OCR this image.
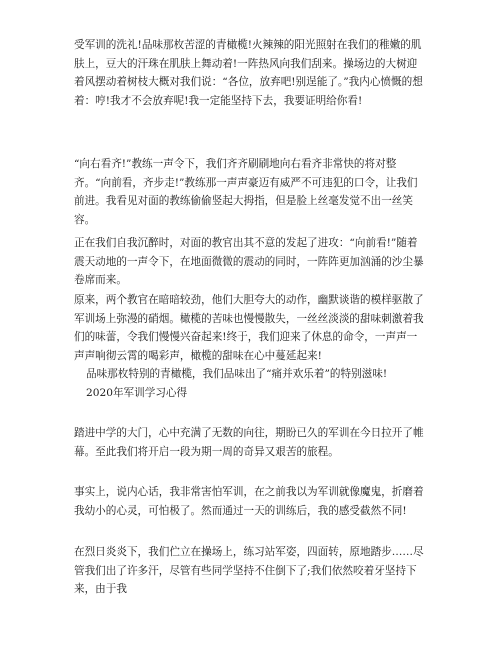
受军训的洗礼!品味那枚苦涩的青橄榄!火辣辣的阳光照射在我们的稚嫩的肌肤上，豆大的汗珠在肌肤上舞动着!一阵热风向我们刮来。操场边的大树迎着风摆动着树枝大概对我们说：“各位，放弃吧!别逞能了。”我内心愤慨的想着：哼!我才不会放弃呢!我一定能坚持下去，我要证明给你看!

“向右看齐!”教练一声令下，我们齐齐刷刷地向右看齐非常快的将对整齐。“向前看，齐步走!”教练那一声声豪迈有威严不可违犯的口令，让我们前进。我看见对面的教练偷偷竖起大拇指，但是脸上丝毫发觉不出一丝笑容。

正在我们自我沉醉时，对面的教官出其不意的发起了进攻：“向前看!”随着震天动地的一声令下，在地面微微的震动的同时，一阵阵更加汹涌的沙尘暴卷席而来。

原来，两个教官在暗暗较劲，他们大胆夸大的动作，幽默谈谐的模样驱散了军训场上弥漫的硝烟。橄榄的苦味也慢慢散失，一丝丝淡淡的甜味刺激着我们的味蕾，令我们慢慢兴奋起来!终于，我们迎来了休息的命令，一声声一声声响彻云霄的喝彩声，橄榄的甜味在心中蔓延起来!

品味那枚特别的青橄榄，我们品味出了“痛并欢乐着”的特别滋味!

2020年军训学习心得

踏进中学的大门，心中充满了无数的向往，期盼已久的军训在今日拉开了帷幕。至此我们将开启一段为期一周的奇异又艰苦的旅程。

事实上，说内心话，我非常害怕军训，在之前我以为军训就像魔鬼，折磨着我幼小的心灵，可怕极了。然而通过一天的训练后，我的感受截然不同!

在烈日炎炎下，我们伫立在操场上，练习站军姿，四面转，原地踏步……尽管我们出了许多汗，尽管有些同学坚持不住倒下了;我们依然咬着牙坚持下来，由于我
